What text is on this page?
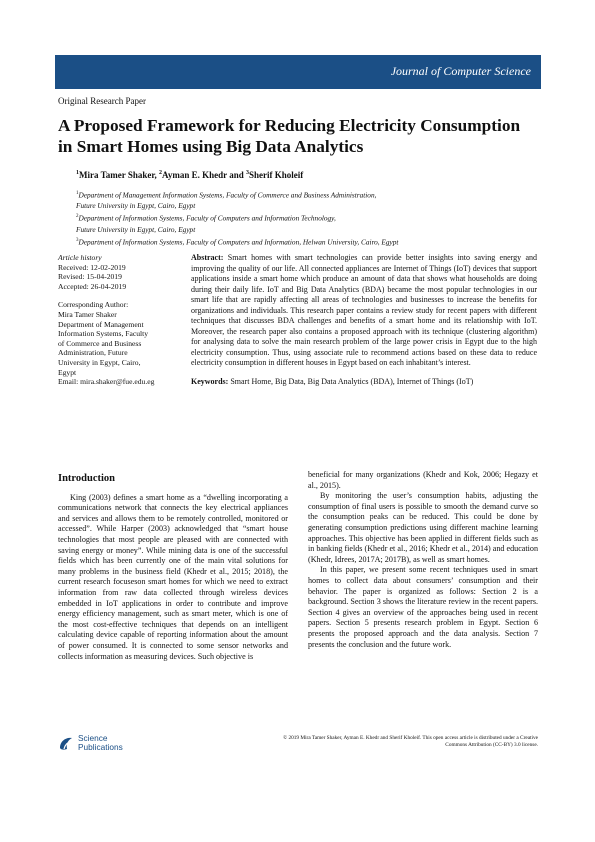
Journal of Computer Science
Original Research Paper
A Proposed Framework for Reducing Electricity Consumption in Smart Homes using Big Data Analytics
$^1$Mira Tamer Shaker, $^2$Ayman E. Khedr and $^3$Sherif Kholeif

$^1$Department of Management Information Systems, Faculty of Commerce and Business Administration,

Future University in Egypt, Cairo, Egypt

$^2$Department of Information Systems, Faculty of Computers and Information Technology,

Future University in Egypt, Cairo, Egypt

$^3$Department of Information Systems, Faculty of Computers and Information, Helwan University, Cairo, Egypt

Article history

Received: 12-02-2019

Revised: 15-04-2019

Accepted: 26-04-2019

Corresponding Author:

Mira Tamer Shaker

Department of Management

Information Systems, Faculty

of Commerce and Business

Administration, Future

University in Egypt, Cairo,

Egypt

Email: mira.shaker@fue.edu.eg

Abstract: Smart homes with smart technologies can provide better insights into saving energy and improving the quality of our life. All connected appliances are Internet of Things (IoT) devices that support applications inside a smart home which produce an amount of data that shows what households are doing during their daily life. IoT and Big Data Analytics (BDA) became the most popular technologies in our smart life that are rapidly affecting all areas of technologies and businesses to increase the benefits for organizations and individuals. This research paper contains a review study for recent papers with different techniques that discusses BDA challenges and benefits of a smart home and its relationship with IoT. Moreover, the research paper also contains a proposed approach with its technique (clustering algorithm) for analysing data to solve the main research problem of the large power crisis in Egypt due to the high electricity consumption. Thus, using associate rule to recommend actions based on these data to reduce electricity consumption in different houses in Egypt based on each inhabitant’s interest.

Keywords: Smart Home, Big Data, Big Data Analytics (BDA), Internet of Things (IoT)

Introduction

King (2003) defines a smart home as a “dwelling incorporating a communications network that connects the key electrical appliances and services and allows them to be remotely controlled, monitored or accessed”. While Harper (2003) acknowledged that “smart house technologies that most people are pleased with are connected with saving energy or money”. While mining data is one of the successful fields which has been currently one of the main vital solutions for many problems in the business field (Khedr et al., 2015; 2018), the current research focuseson smart homes for which we need to extract information from raw data collected through wireless devices embedded in IoT applications in order to contribute and improve energy efficiency management, such as smart meter, which is one of the most cost-effective techniques that depends on an intelligent calculating device capable of reporting information about the amount of power consumed. It is connected to some sensor networks and collects information as measuring devices. Such objective is

beneficial for many organizations (Khedr and Kok, 2006; Hegazy et al., 2015).

By monitoring the user’s consumption habits, adjusting the consumption of final users is possible to smooth the demand curve so the consumption peaks can be reduced. This could be done by generating consumption predictions using different machine learning approaches. This objective has been applied in different fields such as in banking fields (Khedr et al., 2016; Khedr et al., 2014) and education (Khedr, Idrees, 2017A; 2017B), as well as smart homes.

In this paper, we present some recent techniques used in smart homes to collect data about consumers’ consumption and their behavior. The paper is organized as follows: Section 2 is a background. Section 3 shows the literature review in the recent papers. Section 4 gives an overview of the approaches being used in recent papers. Section 5 presents research problem in Egypt. Section 6 presents the proposed approach and the data analysis. Section 7 presents the conclusion and the future work.

Science
Publications
© 2019 Mira Tamer Shaker, Ayman E. Khedr and Sherif Kholeif. This open access article is distributed under a Creative
Commons Attribution (CC-BY) 3.0 license.
